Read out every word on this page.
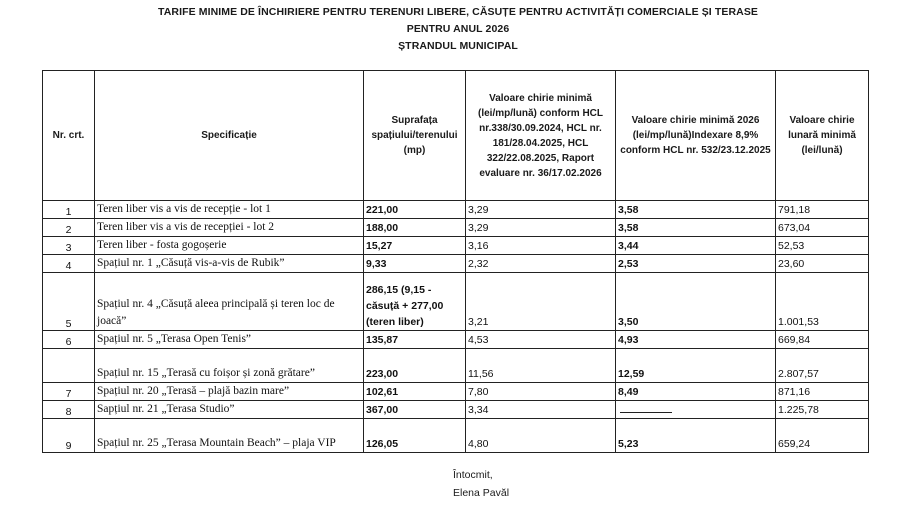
TARIFE MINIME DE ÎNCHIRIERE PENTRU TERENURI LIBERE, CĂSUȚE PENTRU ACTIVITĂȚI COMERCIALE ȘI TERASE
PENTRU ANUL 2026
ȘTRANDUL MUNICIPAL
Nr. crt.	Specificație	Suprafața spațiului/terenului (mp)	Valoare chirie minimă (lei/mp/lună) conform HCL nr.338/30.09.2024, HCL nr. 181/28.04.2025, HCL 322/22.08.2025, Raport evaluare nr. 36/17.02.2026	Valoare chirie minimă 2026 (lei/mp/lună)Indexare 8,9% conform HCL nr. 532/23.12.2025	Valoare chirie lunară minimă (lei/lună)
1	Teren liber vis a vis de recepție - lot 1	221,00	3,29	3,58	791,18
2	Teren liber vis a vis de recepției - lot 2	188,00	3,29	3,58	673,04
3	Teren liber - fosta gogoșerie	15,27	3,16	3,44	52,53
4	Spațiul nr. 1 „Căsuță vis-a-vis de Rubik”	9,33	2,32	2,53	23,60
5	Spațiul nr. 4 „Căsuță aleea principală și teren loc de joacă”	286,15 (9,15 - căsuță + 277,00 (teren liber)	3,21	3,50	1.001,53
6	Spațiul nr. 5 „Terasa Open Tenis”	135,87	4,53	4,93	669,84
	Spațiul nr. 15 „Terasă cu foișor și zonă grătare”	223,00	11,56	12,59	2.807,57
7	Spațiul nr. 20 „Terasă – plajă bazin mare”	102,61	7,80	8,49	871,16
8	Sapțiul nr. 21 „Terasa Studio”	367,00	3,34		1.225,78
9	Spațiul nr. 25 „Terasa Mountain Beach” – plaja VIP	126,05	4,80	5,23	659,24
Întocmit,
Elena Pavăl
